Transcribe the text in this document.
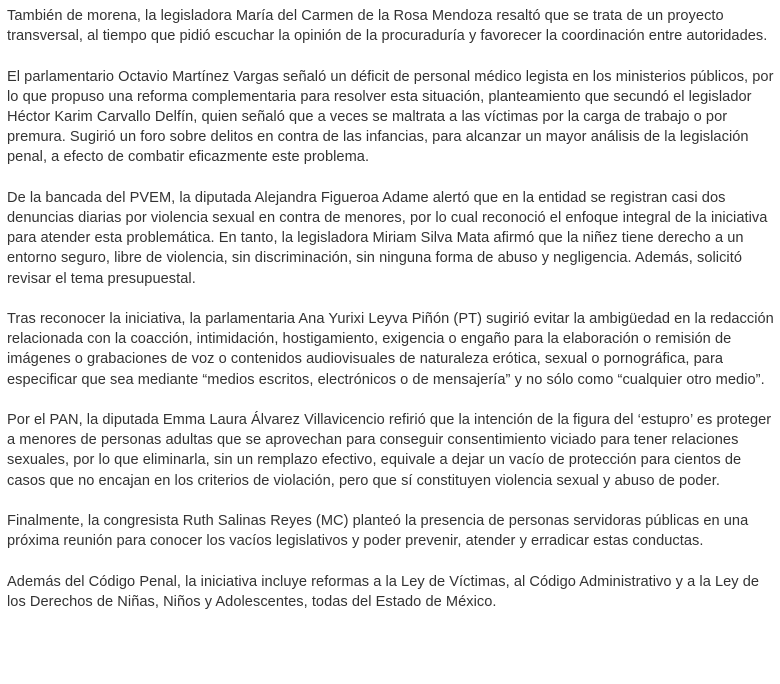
También de morena, la legisladora María del Carmen de la Rosa Mendoza resaltó que se trata de un proyecto transversal, al tiempo que pidió escuchar la opinión de la procuraduría y favorecer la coordinación entre autoridades.

El parlamentario Octavio Martínez Vargas señaló un déficit de personal médico legista en los ministerios públicos, por lo que propuso una reforma complementaria para resolver esta situación, planteamiento que secundó el legislador Héctor Karim Carvallo Delfín, quien señaló que a veces se maltrata a las víctimas por la carga de trabajo o por premura. Sugirió un foro sobre delitos en contra de las infancias, para alcanzar un mayor análisis de la legislación penal, a efecto de combatir eficazmente este problema.

De la bancada del PVEM, la diputada Alejandra Figueroa Adame alertó que en la entidad se registran casi dos denuncias diarias por violencia sexual en contra de menores, por lo cual reconoció el enfoque integral de la iniciativa para atender esta problemática. En tanto, la legisladora Miriam Silva Mata afirmó que la niñez tiene derecho a un entorno seguro, libre de violencia, sin discriminación, sin ninguna forma de abuso y negligencia. Además, solicitó revisar el tema presupuestal.

Tras reconocer la iniciativa, la parlamentaria Ana Yurixi Leyva Piñón (PT) sugirió evitar la ambigüedad en la redacción relacionada con la coacción, intimidación, hostigamiento, exigencia o engaño para la elaboración o remisión de imágenes o grabaciones de voz o contenidos audiovisuales de naturaleza erótica, sexual o pornográfica, para especificar que sea mediante “medios escritos, electrónicos o de mensajería” y no sólo como “cualquier otro medio”.

Por el PAN, la diputada Emma Laura Álvarez Villavicencio refirió que la intención de la figura del ‘estupro’ es proteger a menores de personas adultas que se aprovechan para conseguir consentimiento viciado para tener relaciones sexuales, por lo que eliminarla, sin un remplazo efectivo, equivale a dejar un vacío de protección para cientos de casos que no encajan en los criterios de violación, pero que sí constituyen violencia sexual y abuso de poder.

Finalmente, la congresista Ruth Salinas Reyes (MC) planteó la presencia de personas servidoras públicas en una próxima reunión para conocer los vacíos legislativos y poder prevenir, atender y erradicar estas conductas.

Además del Código Penal, la iniciativa incluye reformas a la Ley de Víctimas, al Código Administrativo y a la Ley de los Derechos de Niñas, Niños y Adolescentes, todas del Estado de México.
